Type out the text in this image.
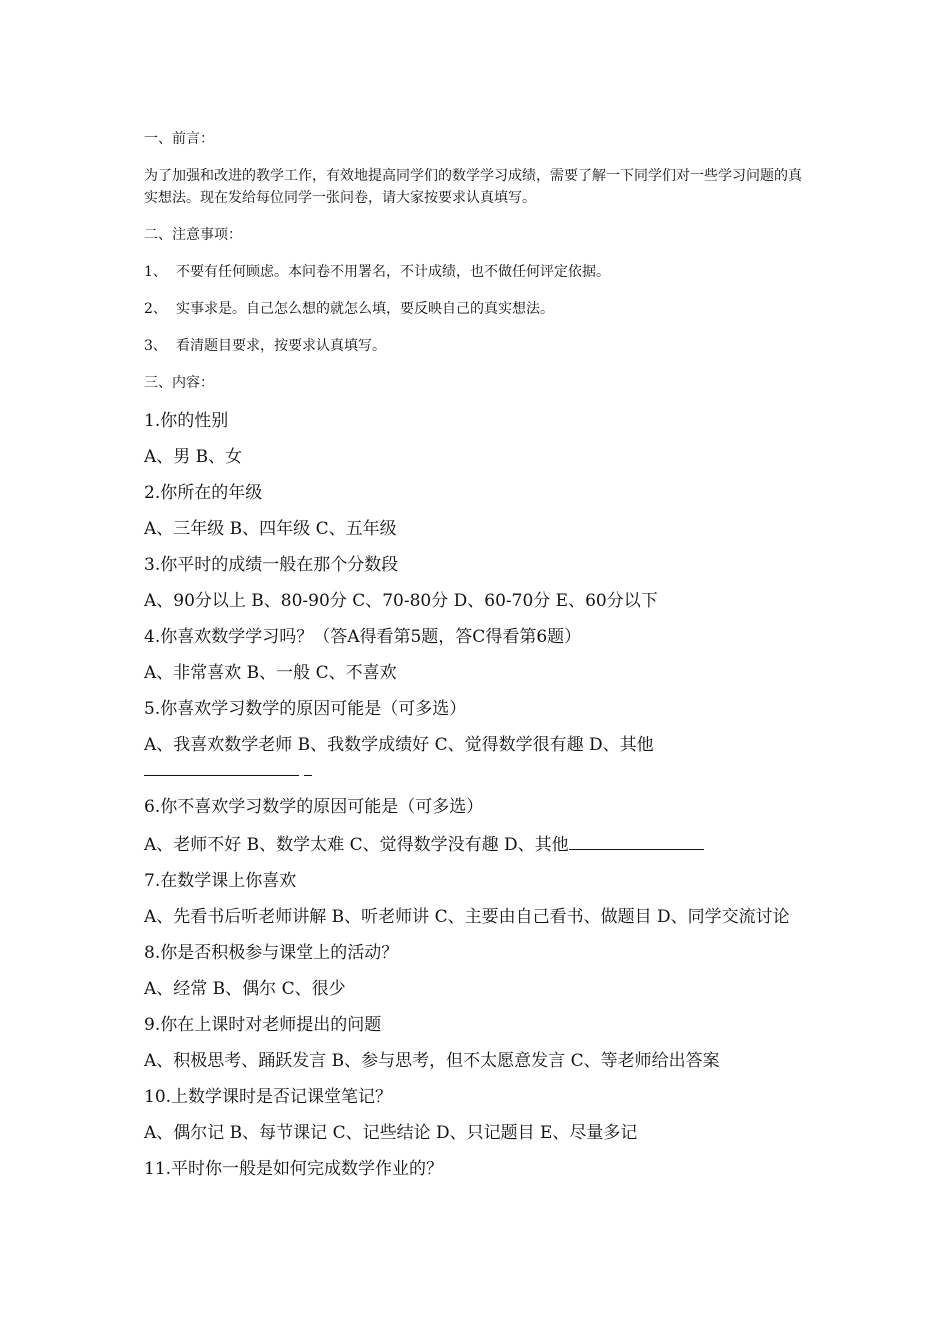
一、前言：

为了加强和改进的教学工作，有效地提高同学们的数学学习成绩，需要了解一下同学们对一些学习问题的真实想法。现在发给每位同学一张问卷，请大家按要求认真填写。

二、注意事项：

1、 不要有任何顾虑。本问卷不用署名，不计成绩，也不做任何评定依据。
2、 实事求是。自己怎么想的就怎么填，要反映自己的真实想法。
3、 看清题目要求，按要求认真填写。

三、内容：

1.你的性别

A、男 B、女

2.你所在的年级

A、三年级 B、四年级 C、五年级

3.你平时的成绩一般在那个分数段

A、90分以上 B、80-90分 C、70-80分 D、60-70分 E、60分以下

4.你喜欢数学学习吗？（答A得看第5题，答C得看第6题）

A、非常喜欢 B、一般 C、不喜欢

5.你喜欢学习数学的原因可能是（可多选）

A、我喜欢数学老师 B、我数学成绩好 C、觉得数学很有趣 D、其他

6.你不喜欢学习数学的原因可能是（可多选）

A、老师不好 B、数学太难 C、觉得数学没有趣 D、其他

7.在数学课上你喜欢

A、先看书后听老师讲解 B、听老师讲 C、主要由自己看书、做题目 D、同学交流讨论

8.你是否积极参与课堂上的活动？

A、经常 B、偶尔 C、很少

9.你在上课时对老师提出的问题

A、积极思考、踊跃发言 B、参与思考，但不太愿意发言 C、等老师给出答案

10.上数学课时是否记课堂笔记？

A、偶尔记 B、每节课记 C、记些结论 D、只记题目 E、尽量多记

11.平时你一般是如何完成数学作业的？
